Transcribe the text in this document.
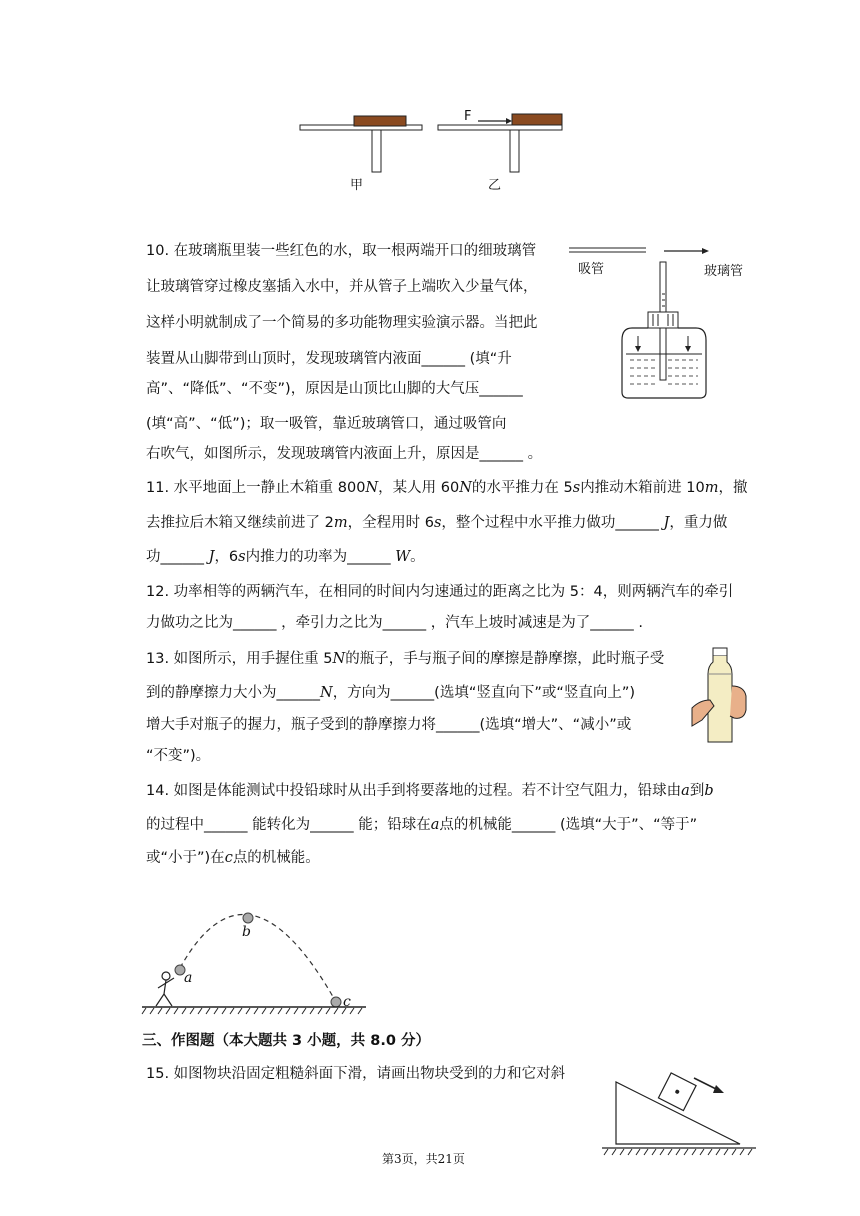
甲	乙
F
10. 在玻璃瓶里装一些红色的水，取一根两端开口的细玻璃管
让玻璃管穿过橡皮塞插入水中，并从管子上端吹入少量气体，
这样小明就制成了一个简易的多功能物理实验演示器。当把此
装置从山脚带到山顶时，发现玻璃管内液面______ (填“升
高”、“降低”、“不变”)，原因是山顶比山脚的大气压______
(填“高”、“低”)；取一吸管，靠近玻璃管口，通过吸管向
右吹气，如图所示，发现玻璃管内液面上升，原因是______ 。
吸管	玻璃管
11. 水平地面上一静止木箱重 800N，某人用 60N的水平推力在 5s内推动木箱前进 10m，撤
去推拉后木箱又继续前进了 2m，全程用时 6s，整个过程中水平推力做功______ J，重力做
功______ J，6s内推力的功率为______ W。
12. 功率相等的两辆汽车，在相同的时间内匀速通过的距离之比为 5：4，则两辆汽车的牵引
力做功之比为______ ，牵引力之比为______ ，汽车上坡时减速是为了______ .
13. 如图所示，用手握住重 5N的瓶子，手与瓶子间的摩擦是静摩擦，此时瓶子受
到的静摩擦力大小为______N，方向为______(选填“竖直向下”或“竖直向上”)
增大手对瓶子的握力，瓶子受到的静摩擦力将______(选填“增大”、“减小”或
“不变”)。
14. 如图是体能测试中投铅球时从出手到将要落地的过程。若不计空气阻力，铅球由a到b
的过程中______ 能转化为______ 能；铅球在a点的机械能______ (选填“大于”、“等于”
或“小于”)在c点的机械能。
a
b
c
三、作图题（本大题共 3 小题，共 8.0 分）
15. 如图物块沿固定粗糙斜面下滑，请画出物块受到的力和它对斜
第3页，共21页
